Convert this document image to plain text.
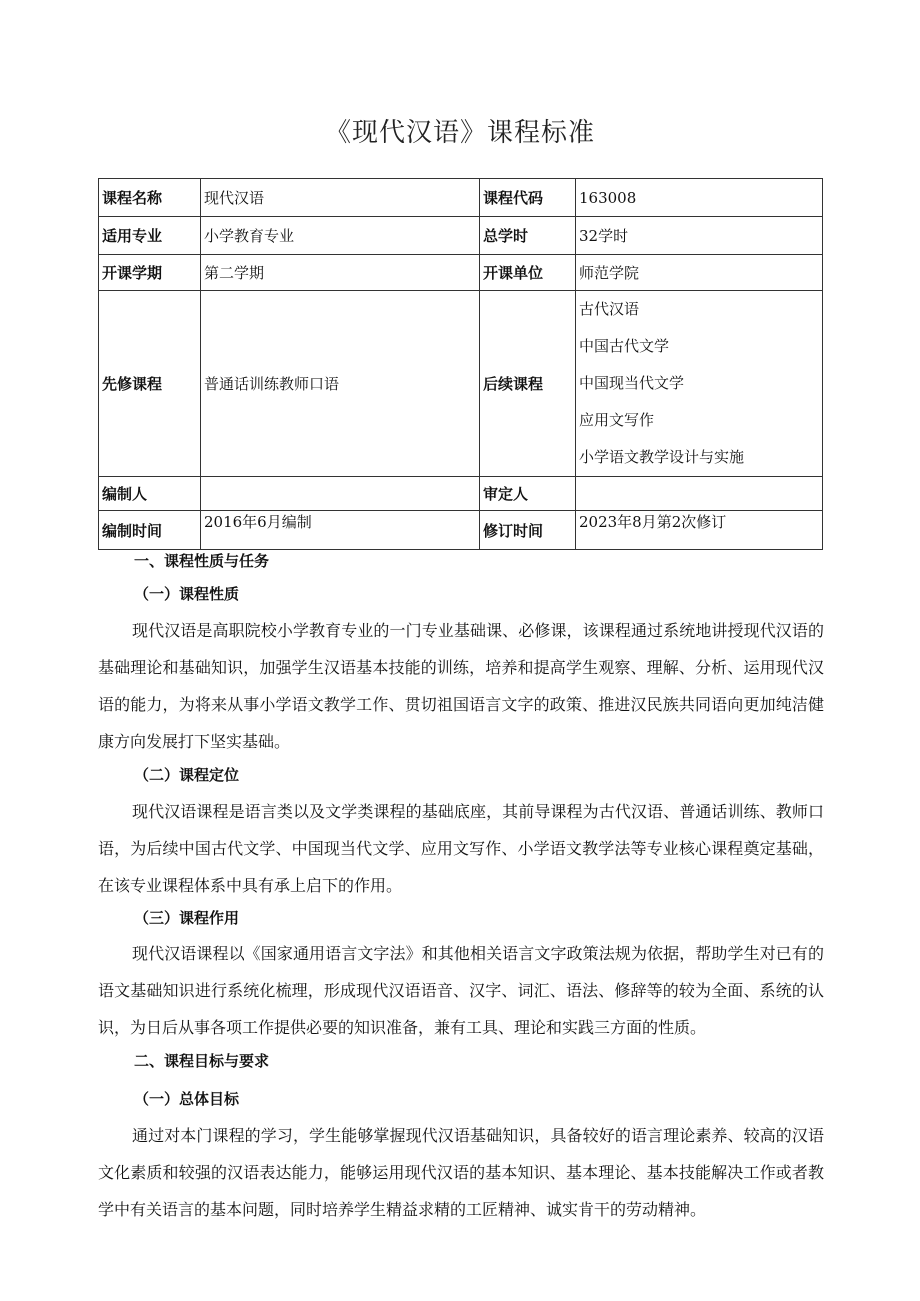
《现代汉语》课程标准
课程名称	现代汉语	课程代码	163008
适用专业	小学教育专业	总学时	32学时
开课学期	第二学期	开课单位	师范学院
先修课程	普通话训练教师口语	后续课程	古代汉语
中国古代文学
中国现当代文学
应用文写作
小学语文教学设计与实施

编制人		审定人	
编制时间	2016年6月编制	修订时间	2023年8月第2次修订
一、课程性质与任务
（一）课程性质
现代汉语是高职院校小学教育专业的一门专业基础课、必修课，该课程通过系统地讲授现代汉语的基础理论和基础知识，加强学生汉语基本技能的训练，培养和提高学生观察、理解、分析、运用现代汉语的能力，为将来从事小学语文教学工作、贯切祖国语言文字的政策、推进汉民族共同语向更加纯洁健康方向发展打下坚实基础。
（二）课程定位
现代汉语课程是语言类以及文学类课程的基础底座，其前导课程为古代汉语、普通话训练、教师口语，为后续中国古代文学、中国现当代文学、应用文写作、小学语文教学法等专业核心课程奠定基础，在该专业课程体系中具有承上启下的作用。
（三）课程作用
现代汉语课程以《国家通用语言文字法》和其他相关语言文字政策法规为依据，帮助学生对已有的语文基础知识进行系统化梳理，形成现代汉语语音、汉字、词汇、语法、修辞等的较为全面、系统的认识，为日后从事各项工作提供必要的知识准备，兼有工具、理论和实践三方面的性质。
二、课程目标与要求
（一）总体目标
通过对本门课程的学习，学生能够掌握现代汉语基础知识，具备较好的语言理论素养、较高的汉语文化素质和较强的汉语表达能力，能够运用现代汉语的基本知识、基本理论、基本技能解决工作或者教学中有关语言的基本问题，同时培养学生精益求精的工匠精神、诚实肯干的劳动精神。
